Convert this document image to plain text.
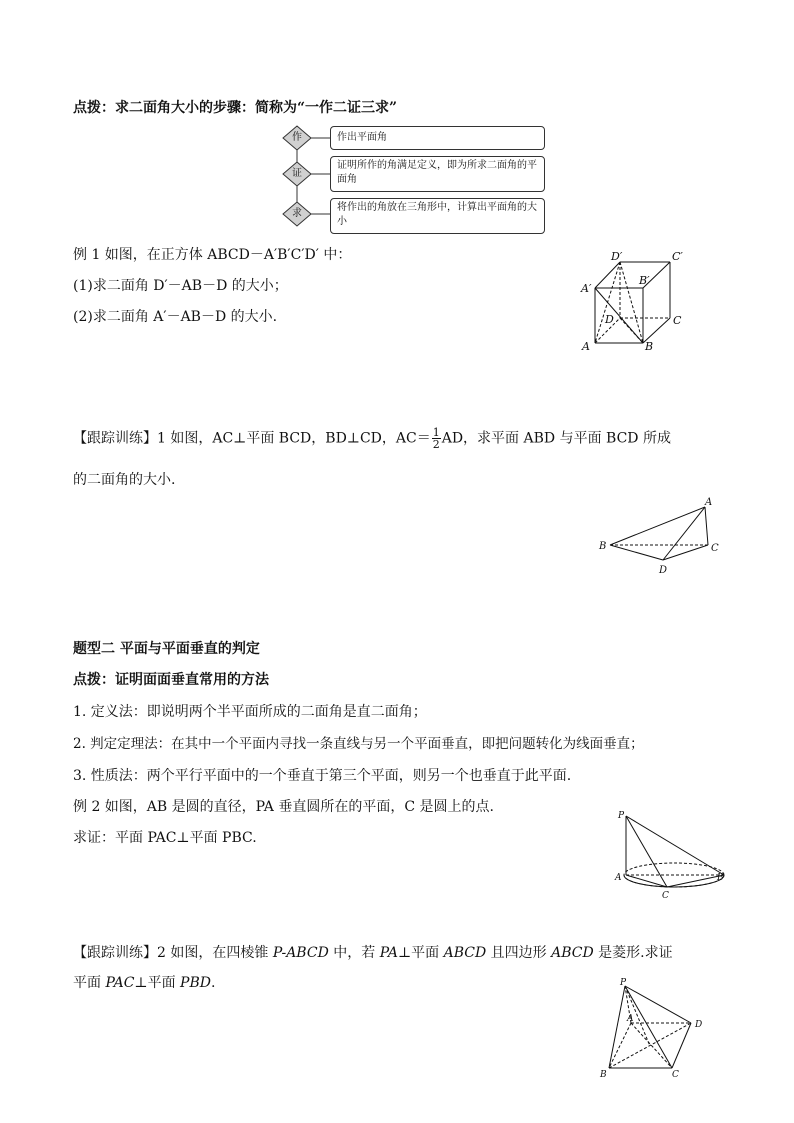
点拨：求二面角大小的步骤：简称为“一作二证三求”
作
证
求
作出平面角
证明所作的角满足定义，即为所求二面角的平面角
将作出的角放在三角形中，计算出平面角的大小
例 1 如图，在正方体 ABCD－A′B′C′D′ 中：
(1)求二面角 D′－AB－D 的大小；
(2)求二面角 A′－AB－D 的大小.
D′	C′
A′
B′
D	C
A	B
【跟踪训练】1 如图，AC⊥平面 BCD，BD⊥CD，$AC= \frac{1}{2}$ AD，求平面 ABD 与平面 BCD 所成
的二面角的大小.
A
B	C
D
题型二 平面与平面垂直的判定
点拨：证明面面垂直常用的方法
1. 定义法：即说明两个半平面所成的二面角是直二面角；
2. 判定定理法：在其中一个平面内寻找一条直线与另一个平面垂直，即把问题转化为线面垂直；
3. 性质法：两个平行平面中的一个垂直于第三个平面，则另一个也垂直于此平面.
例 2 如图，AB 是圆的直径，PA 垂直圆所在的平面，C 是圆上的点.
求证：平面 PAC⊥平面 PBC.
P
A	B
C
【跟踪训练】2 如图，在四棱锥 P-ABCD 中，若 PA⊥平面 ABCD 且四边形 ABCD 是菱形.求证
平面 PAC⊥平面 PBD.	P
A
D
B	C
